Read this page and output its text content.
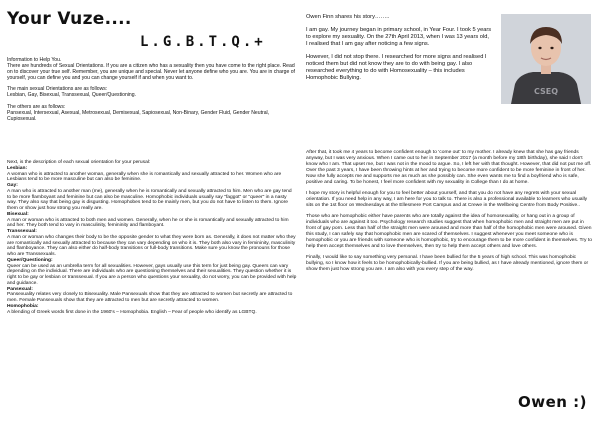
Your Vuze....
L.G.B.T.Q.+

Information to Help You.
There are hundreds of Sexual Orientations. If you are a citizen who has a sexuality then you have come to the right place. Read on to discover your true self. Remember, you are unique and special. Never let anyone define who you are. You are in charge of yourself, you can define you and you can change yourself if and when you want to.

The main sexual Orientations are as follows:
Lesbian, Gay, Bisexual, Transsexual, Queer/Questioning.

The others are as follows:
Pansexual, Intersexual, Asexual, Metrosexual, Demisexual, Sapiosexual, Non-Binary, Gender Fluid, Gender Neutral, Cupiosexual.

Next, is the description of each sexual orientation for your perusal:

Lesbian:

A woman who is attracted to another woman, generally when she is romantically and sexually attracted to her. Women who are Lesbians tend to be more masculine but can also be feminine.

Gay:

A man who is attracted to another man (me), generally when he is romantically and sexually attracted to him. Men who are gay tend to be more flamboyant and feminine but can also be masculine. Homophobic individuals usually say "faggot" or "queer" in a nasty way. They also say that being gay is disgusting. Homophobes tend to be mainly men, but you do not have to listen to them. Ignore them or show just how strong you really are.

Bisexual:

A man or woman who is attracted to both men and women. Generally, when he or she is romantically and sexually attracted to him and her. They both tend to vary in masculinity, femininity and flamboyant.

Transsexual:

A man or woman who changes their body to be the opposite gender to what they were born as. Generally, it does not matter who they are romantically and sexually attracted to because they can vary depending on who it is. They both also vary in femininity, masculinity and flamboyance. They can also either do half-body transitions or full-body transitions. Make sure you know the pronouns for those who are Transsexuals.

Queer/Questioning:

Queer can be used as an umbrella term for all sexualities. However, gays usually use this term for just being gay. Queers can vary depending on the individual. There are individuals who are questioning themselves and their sexualities. They question whether it is right to be gay or lesbian or transsexual. If you are a person who questions your sexuality, do not worry, you can be provided with help and guidance.

Pansexual:

Pansexuality relates very closely to Bisexuality. Male Pansexuals show that they are attracted to women but secretly are attracted to men. Female Pansexuals show that they are attracted to men but are secretly attracted to women.

Homophobia:

A blending of Greek words first done in the 1960's – Homophobia. English – Fear of people who identify as LGBTQ.

Owen Finn shares his story……..

I am gay. My journey began in primary school, in Year Four. I took 5 years to explore my sexuality. On the 27th April 2013, when I was 13 years old, I realised that I am gay after noticing a few signs.

However, I did not stop there. I researched for more signs and realised I noticed them but did not know they are to do with being gay. I also researched everything to do with Homosexuality – this includes Homophobic Bullying.

CSEQ

After that, it took me 4 years to become confident enough to 'come out' to my mother. I already knew that she has gay friends anyway, but I was very anxious. When I came out to her in September 2017 (a month before my 18th birthday), she said I don't know who I am. That upset me, but I was not in the mood to argue. So, I left her with that thought. However, that did not put me off. Over the past 3 years, I have been throwing hints at her and trying to become more confident to be more feminine in front of her. Now she fully accepts me and supports me as much as she possibly can. She even wants me to find a boyfriend who is safe, positive and caring. To be honest, I feel more confident with my sexuality in College than I do at home.

I hope my story is helpful enough for you to feel better about yourself, and that you do not have any regrets with your sexual orientation. If you need help in any way, I am here for you to talk to. There is also a professional available to learners who usually sits on the 1st floor on Wednesdays at the Ellesmere Port Campus and at Crewe in the Wellbeing Centre from Body Positive..

Those who are homophobic either have parents who are totally against the idea of homosexuality, or hang out in a group of individuals who are against it too. Psychology research studies suggest that when homophobic men and straight men are put in front of gay porn. Less than half of the straight men were aroused and more than half of the homophobic men were aroused. Given this study, I can safely say that homophobic men are scared of themselves. I suggest whenever you meet someone who is homophobic or you are friends with someone who is homophobic, try to encourage them to be more confident in themselves. Try to help them accept themselves and to love themselves, then try to help them accept others and love others.

Finally, I would like to say something very personal. I have been bullied for the 5 years of high school. This was homophobic bullying, so I know how it feels to be homophobically-bullied. If you are being bullied, as I have already mentioned, ignore them or show them just how strong you are. I am also with you every step of the way.

Owen :)
